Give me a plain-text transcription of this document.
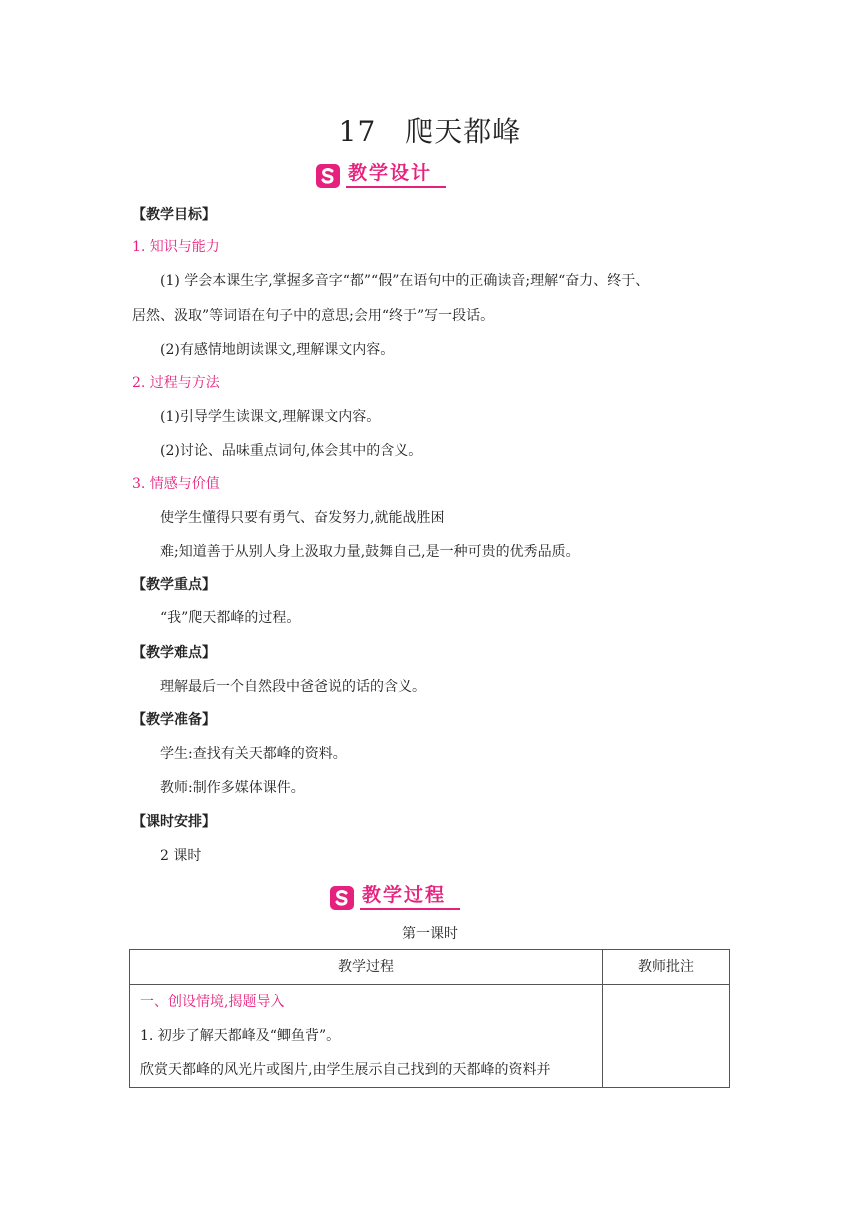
17　爬天都峰
教学设计
【教学目标】
1. 知识与能力
(1) 学会本课生字,掌握多音字“都”“假”在语句中的正确读音;理解“奋力、终于、
居然、汲取”等词语在句子中的意思;会用“终于”写一段话。
(2)有感情地朗读课文,理解课文内容。
2. 过程与方法
(1)引导学生读课文,理解课文内容。
(2)讨论、品味重点词句,体会其中的含义。
3. 情感与价值
使学生懂得只要有勇气、奋发努力,就能战胜困
难;知道善于从别人身上汲取力量,鼓舞自己,是一种可贵的优秀品质。
【教学重点】
“我”爬天都峰的过程。
【教学难点】
理解最后一个自然段中爸爸说的话的含义。
【教学准备】
学生:查找有关天都峰的资料。
教师:制作多媒体课件。
【课时安排】
2 课时
教学过程
第一课时
教学过程	教师批注

一、创设情境,揭题导入
1. 初步了解天都峰及“鲫鱼背”。
欣赏天都峰的风光片或图片,由学生展示自己找到的天都峰的资料并	
